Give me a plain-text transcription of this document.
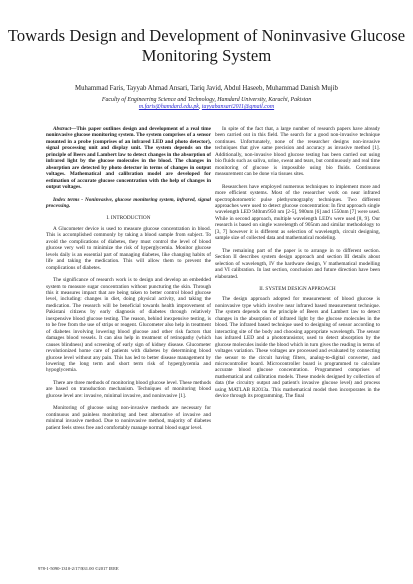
Towards Design and Development of Noninvasive Glucose Monitoring System
Muhammad Faris, Tayyab Ahmad Ansari, Tariq Javid, Abdul Haseeb, Muhammad Danish Mujib
Faculty of Engineering Science and Technology, Hamdard University, Karachi, Pakistan
m.faris@hamdard.edu.pk, tayyabansari2011@gmail.com

Abstract—This paper outlines design and development of a real time noninvasive glucose monitoring system. The system comprises of a sensor mounted in a probe (comprises of an infrared LED and photo detector), signal processing unit and display unit. The system depends on the principle of Beers and Lambert law to detect changes in the absorption of infrared light by the glucose molecules in the blood. The changes in absorption are detected by photo detector in terms of changes in output voltages. Mathematical and calibration model are developed for estimation of accurate glucose concentration with the help of changes in output voltages.

Index terms - Noninvasive, glucose monitoring system, infrared, signal processing.

I. INTRODUCTION

A Glucometer device is used to measure glucose concentration in blood. This is accomplished commonly by taking a blood sample from subject. To avoid the complications of diabetes, they must control the level of blood glucose very well to minimize the risk of hyperglycemia. Monitor glucose levels daily is an essential part of managing diabetes, like changing habits of life and taking the medication. This will allow them to prevent the complications of diabetes.

The significance of research work is to design and develop an embedded system to measure sugar concentration without puncturing the skin. Through this it measures impact that are being taken to better control blood glucose level, including: changes in diet, doing physical activity, and taking the medication. The research will be beneficial towards health improvement of Pakistani citizens by early diagnosis of diabetes through relatively inexpensive blood glucose testing. The reason, behind inexpensive testing, is to be free from the use of strips or reagent. Glucometer also help in treatment of diabetes involving lowering blood glucose and other risk factors that damages blood vessels. It can also help in treatment of retinopathy (which causes blindness) and screening of early sign of kidney disease. Glucometer revolutionized home care of patients with diabetes by determining blood glucose level without any pain. This has led to better disease management by lowering the long term and short term risk of hyperglycemia and hypoglycemia.

There are three methods of monitoring blood glucose level. These methods are based on transduction mechanism. Techniques of monitoring blood glucose level are: invasive, minimal invasive, and noninvasive [1].

Monitoring of glucose using non-invasive methods are necessary for continuous and painless monitoring and best alternative of invasive and minimal invasive method. Due to noninvasive method, majority of diabetes patient feels stress free and comfortably manage normal blood sugar level.

In spite of the fact that, a large number of research papers have already been carried out in this field. The search for a good non-invasive technique continues. Unfortunately, none of the researcher designs non-invasive techniques that give same precision and accuracy as invasive method [1]. Additionally, non-invasive blood glucose testing has been carried out using bio fluids such as saliva, urine, sweat and tears, but continuously and real time monitoring of glucose is impossible using bio fluids. Continuous measurement can be done via tissues sites.

Researchers have employed numerous techniques to implement more and more efficient systems. Most of the researcher work on near infrared spectrophotometric pulse plethysmography techniques. Two different approaches were used to detect glucose concentration: In first approach single wavelength LED 940nm/950 nm [2-5], 980nm [6] and 1550nm [7] were used. While in second approach, multiple wavelength LED's were used [8, 9]. Our research is based on single wavelength of 905nm and similar methodology to [3, 7] however it is different as selection of wavelength, circuit designing, sample size of collected data and mathematical modeling.

The remaining part of the paper is to arrange in to different section. Section II describes system design approach and section III details about selection of wavelength, IV the hardware design, V mathematical modelling and VI calibration. In last section, conclusion and future direction have been elaborated.

II. SYSTEM DESIGN APPROACH

The design approach adopted for measurement of blood glucose is noninvasive type which involve near infrared based measurement technique. The system depends on the principle of Beers and Lambert law to detect changes in the absorption of infrared light by the glucose molecules in the blood. The infrared based technique used to designing of sensor according to interacting site of the body and choosing appropriate wavelength. The sensor has infrared LED and a phototransistor, used to detect absorption by the glucose molecules inside the blood which in turn gives the reading in terms of voltages variation. These voltages are processed and evaluated by connecting the sensor to the circuit having filters, analog-to-digital converter, and microcontroller board. Microcontroller board is programmed to calculate accurate blood glucose concentration. Programmed comprises of mathematical and calibration models. These models designed by collection of data (the circuitry output and patient's invasive glucose level) and process using MATLAB R2013a. This mathematical model then incorporates in the device through its programming. The final

978-1-5090-1310-2/17/$31.00 ©2017 IEEE
